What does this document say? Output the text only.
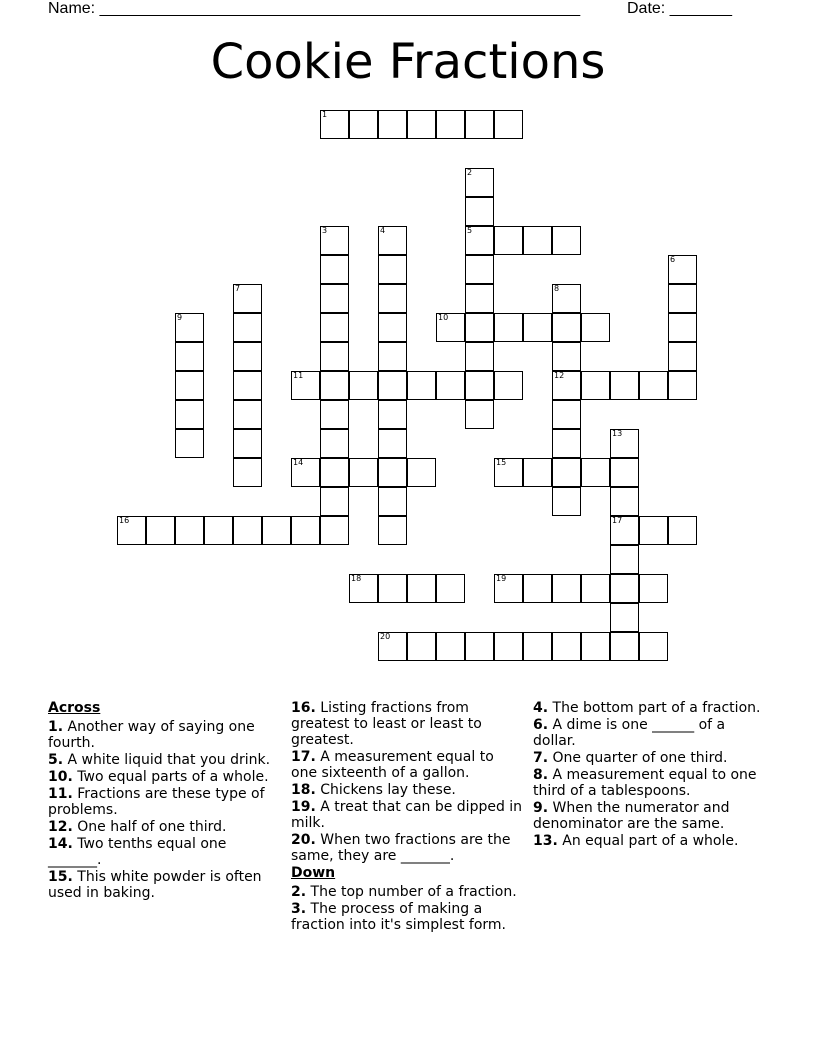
Name: ______________________________________________________	Date: _______
Cookie Fractions
1
2
5
3	4
6
7	8
12
9	10
11
13
17
14	15
16
18	19
20
Across
1. Another way of saying one fourth.
5. A white liquid that you drink.
10. Two equal parts of a whole.
11. Fractions are these type of problems.
12. One half of one third.
14. Two tenths equal one _______.
15. This white powder is often used in baking.
16. Listing fractions from greatest to least or least to greatest.
17. A measurement equal to one sixteenth of a gallon.
18. Chickens lay these.
19. A treat that can be dipped in milk.
20. When two fractions are the same, they are _______.
Down
2. The top number of a fraction.
3. The process of making a fraction into it's simplest form.
4. The bottom part of a fraction.
6. A dime is one ______ of a dollar.
7. One quarter of one third.
8. A measurement equal to one third of a tablespoons.
9. When the numerator and denominator are the same.
13. An equal part of a whole.
